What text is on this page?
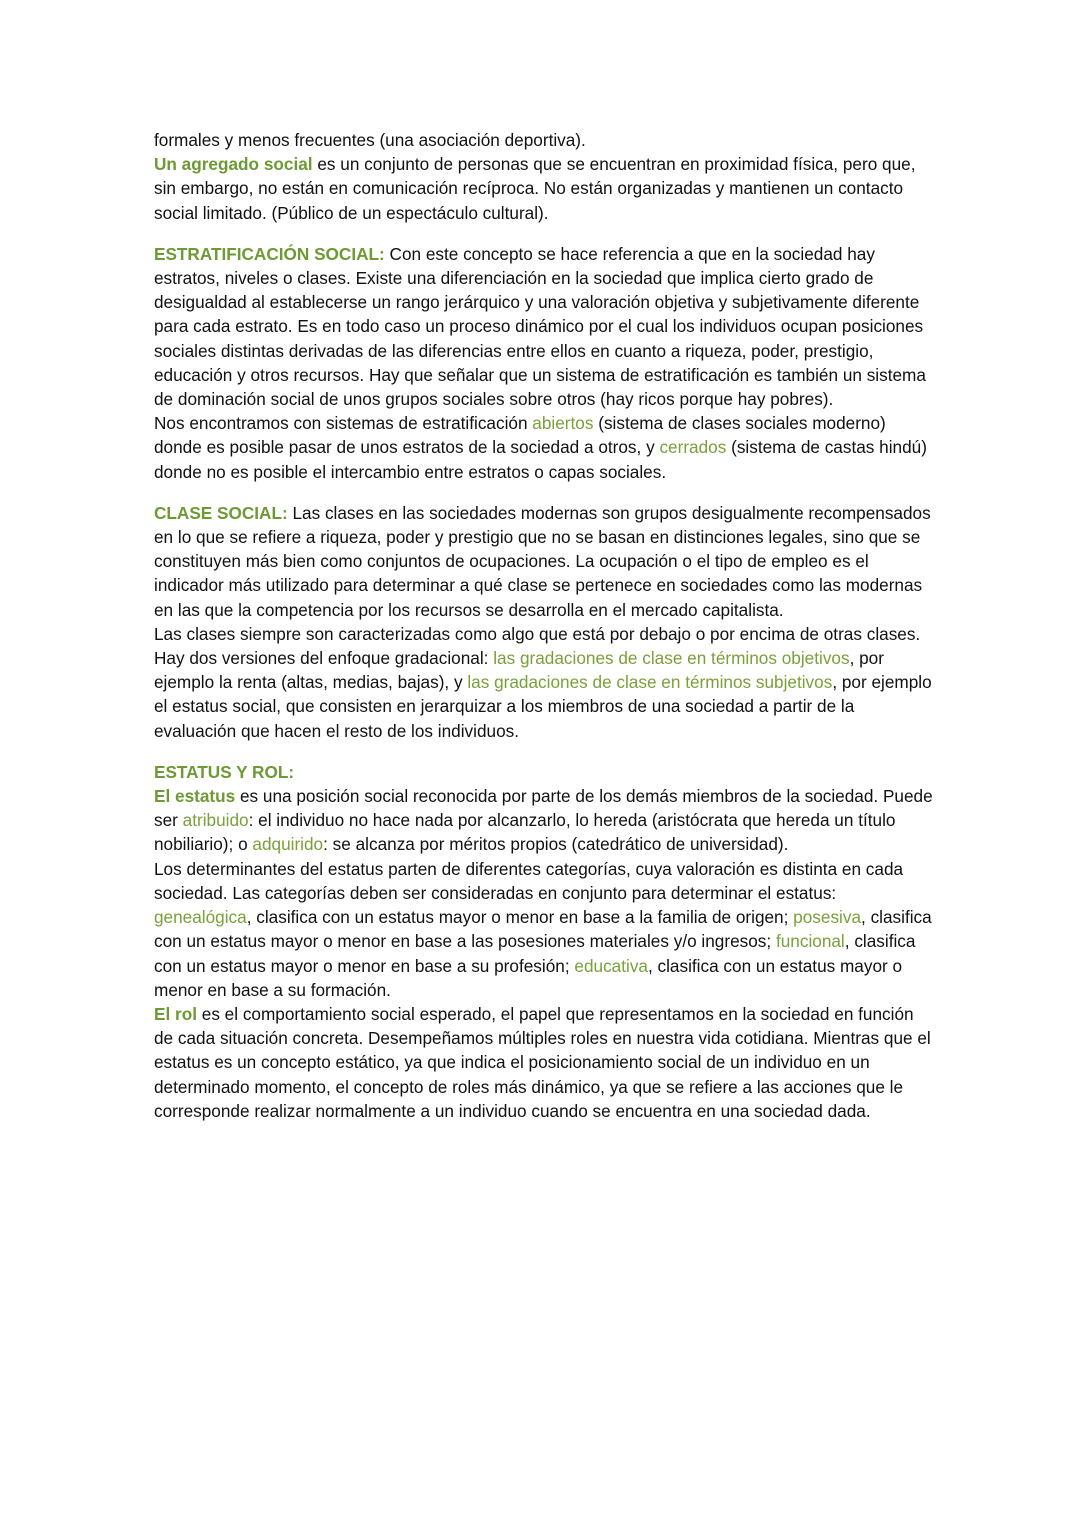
formales y menos frecuentes (una asociación deportiva).

Un agregado social es un conjunto de personas que se encuentran en proximidad física, pero que, sin embargo, no están en comunicación recíproca. No están organizadas y mantienen un contacto social limitado. (Público de un espectáculo cultural).

ESTRATIFICACIÓN SOCIAL: Con este concepto se hace referencia a que en la sociedad hay estratos, niveles o clases. Existe una diferenciación en la sociedad que implica cierto grado de desigualdad al establecerse un rango jerárquico y una valoración objetiva y subjetivamente diferente para cada estrato. Es en todo caso un proceso dinámico por el cual los individuos ocupan posiciones sociales distintas derivadas de las diferencias entre ellos en cuanto a riqueza, poder, prestigio, educación y otros recursos. Hay que señalar que un sistema de estratificación es también un sistema de dominación social de unos grupos sociales sobre otros (hay ricos porque hay pobres).

Nos encontramos con sistemas de estratificación abiertos (sistema de clases sociales moderno) donde es posible pasar de unos estratos de la sociedad a otros, y cerrados (sistema de castas hindú) donde no es posible el intercambio entre estratos o capas sociales.

CLASE SOCIAL: Las clases en las sociedades modernas son grupos desigualmente recompensados en lo que se refiere a riqueza, poder y prestigio que no se basan en distinciones legales, sino que se constituyen más bien como conjuntos de ocupaciones. La ocupación o el tipo de empleo es el indicador más utilizado para determinar a qué clase se pertenece en sociedades como las modernas en las que la competencia por los recursos se desarrolla en el mercado capitalista.

Las clases siempre son caracterizadas como algo que está por debajo o por encima de otras clases. Hay dos versiones del enfoque gradacional: las gradaciones de clase en términos objetivos, por ejemplo la renta (altas, medias, bajas), y las gradaciones de clase en términos subjetivos, por ejemplo el estatus social, que consisten en jerarquizar a los miembros de una sociedad a partir de la evaluación que hacen el resto de los individuos.

ESTATUS Y ROL:

El estatus es una posición social reconocida por parte de los demás miembros de la sociedad. Puede ser atribuido: el individuo no hace nada por alcanzarlo, lo hereda (aristócrata que hereda un título nobiliario); o adquirido: se alcanza por méritos propios (catedrático de universidad).

Los determinantes del estatus parten de diferentes categorías, cuya valoración es distinta en cada sociedad. Las categorías deben ser consideradas en conjunto para determinar el estatus: genealógica, clasifica con un estatus mayor o menor en base a la familia de origen; posesiva, clasifica con un estatus mayor o menor en base a las posesiones materiales y/o ingresos; funcional, clasifica con un estatus mayor o menor en base a su profesión; educativa, clasifica con un estatus mayor o menor en base a su formación.

El rol es el comportamiento social esperado, el papel que representamos en la sociedad en función de cada situación concreta. Desempeñamos múltiples roles en nuestra vida cotidiana. Mientras que el estatus es un concepto estático, ya que indica el posicionamiento social de un individuo en un determinado momento, el concepto de roles más dinámico, ya que se refiere a las acciones que le corresponde realizar normalmente a un individuo cuando se encuentra en una sociedad dada.
